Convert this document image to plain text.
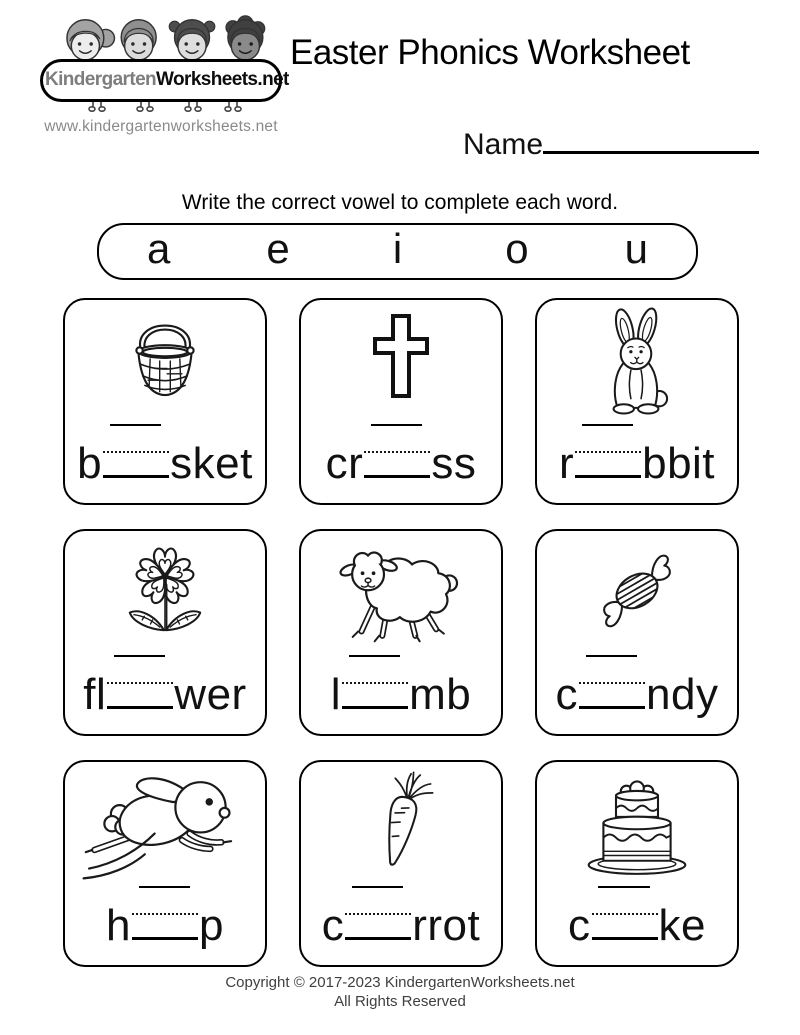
KindergartenWorksheets.net
www.kindergartenworksheets.net
Easter Phonics Worksheet
Name
Write the correct vowel to complete each word.
a	e	i	o	u
b sket	cr ss	r bbit
fl wer	l mb	c ndy
h p	c rrot	c ke
Copyright © 2017-2023 KindergartenWorksheets.net
All Rights Reserved
